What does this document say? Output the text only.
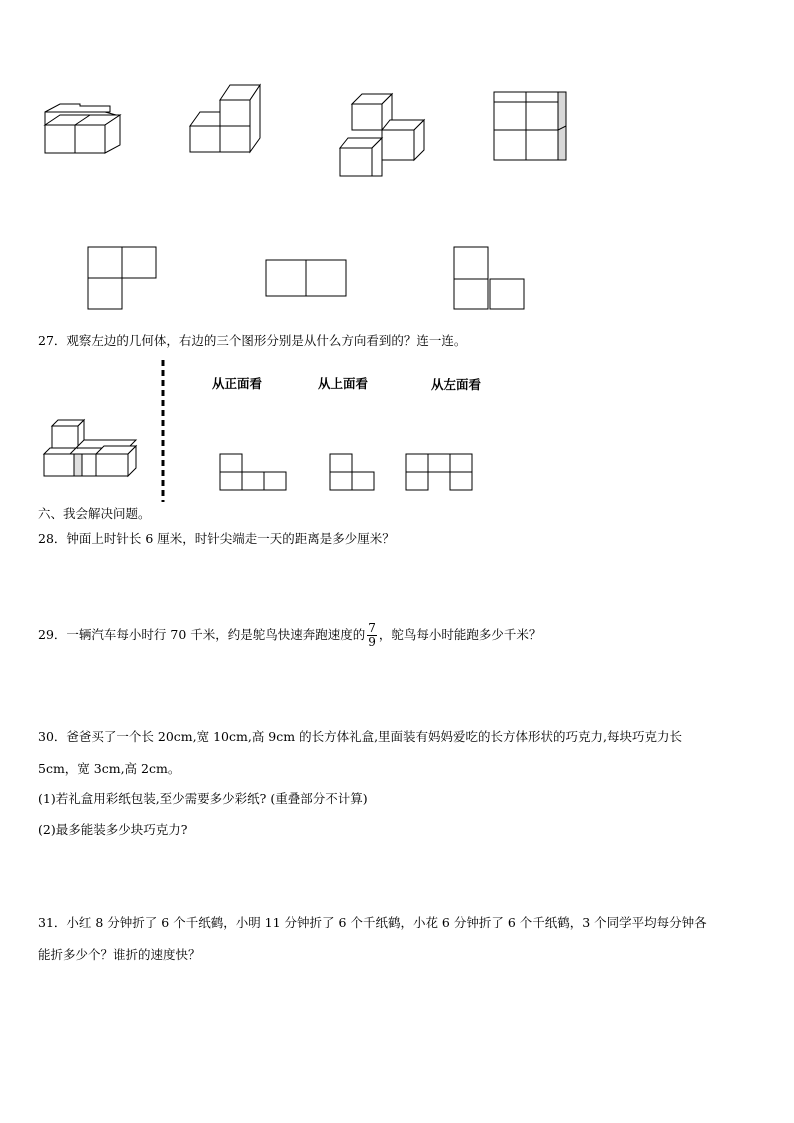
27．观察左边的几何体，右边的三个图形分别是从什么方向看到的？连一连。
从正面看	从上面看	从左面看
六、我会解决问题。
28．钟面上时针长 6 厘米，时针尖端走一天的距离是多少厘米？
29．一辆汽车每小时行 70 千米，约是鸵鸟快速奔跑速度的 $\frac{7}{9}$ ，鸵鸟每小时能跑多少千米？
30．爸爸买了一个长 20cm,宽 10cm,高 9cm 的长方体礼盒,里面装有妈妈爱吃的长方体形状的巧克力,每块巧克力长
5cm，宽 3cm,高 2cm。
(1)若礼盒用彩纸包装,至少需要多少彩纸? (重叠部分不计算)
(2)最多能装多少块巧克力?
31．小红 8 分钟折了 6 个千纸鹤，小明 11 分钟折了 6 个千纸鹤，小花 6 分钟折了 6 个千纸鹤，3 个同学平均每分钟各
能折多少个？谁折的速度快？
